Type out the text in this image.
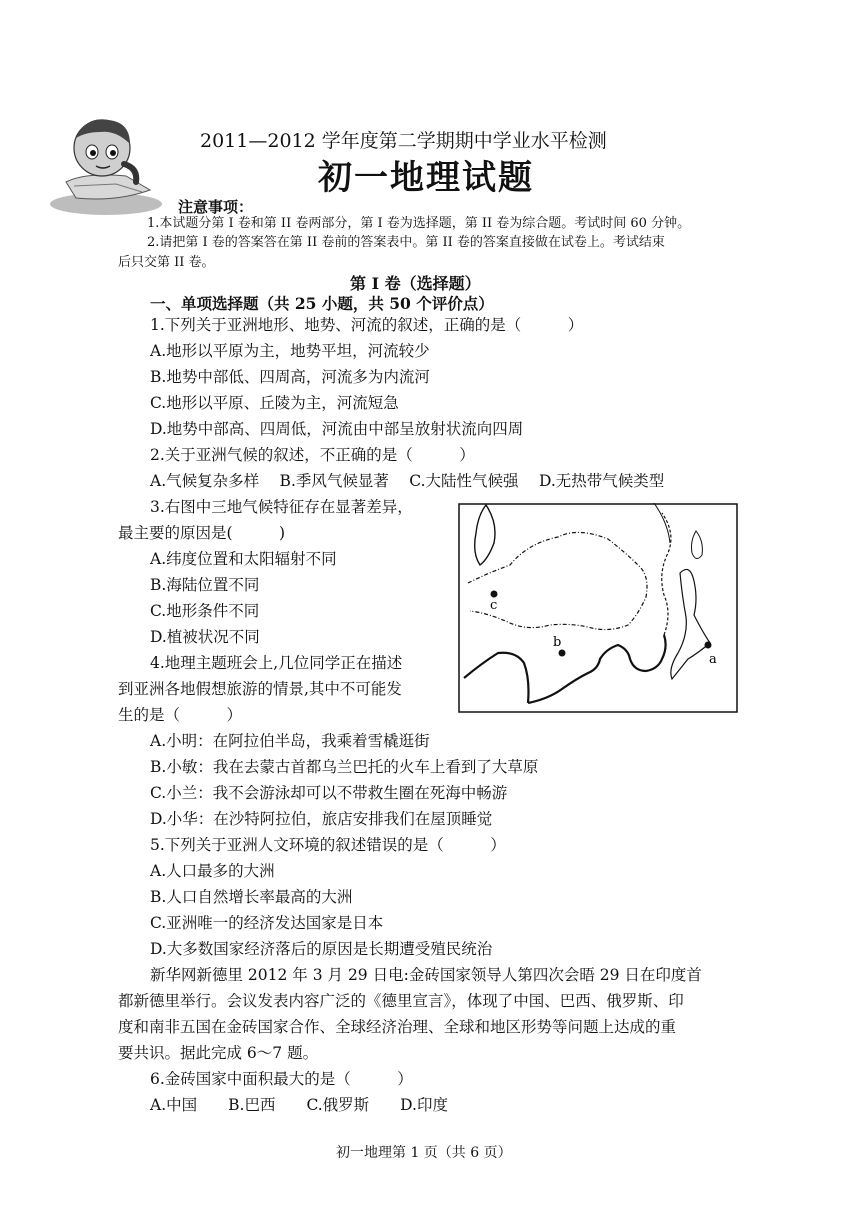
2011—2012 学年度第二学期期中学业水平检测
初一地理试题
注意事项：
1.本试题分第 I 卷和第 II 卷两部分，第 I 卷为选择题，第 II 卷为综合题。考试时间 60 分钟。
2.请把第 I 卷的答案答在第 II 卷前的答案表中。第 II 卷的答案直接做在试卷上。考试结束
后只交第 II 卷。
第 I 卷（选择题）
一、单项选择题（共 25 小题，共 50 个评价点）
1.下列关于亚洲地形、地势、河流的叙述，正确的是（　　　）
A.地形以平原为主，地势平坦，河流较少
B.地势中部低、四周高，河流多为内流河
C.地形以平原、丘陵为主，河流短急
D.地势中部高、四周低，河流由中部呈放射状流向四周
2.关于亚洲气候的叙述，不正确的是（　　　）
A.气候复杂多样　 B.季风气候显著　 C.大陆性气候强　 D.无热带气候类型
3.右图中三地气候特征存在显著差异，
最主要的原因是(　　　)
A.纬度位置和太阳辐射不同
B.海陆位置不同
C.地形条件不同
D.植被状况不同
c
b
a
4.地理主题班会上,几位同学正在描述
到亚洲各地假想旅游的情景,其中不可能发
生的是（　　　）
A.小明：在阿拉伯半岛，我乘着雪橇逛街
B.小敏：我在去蒙古首都乌兰巴托的火车上看到了大草原
C.小兰：我不会游泳却可以不带救生圈在死海中畅游
D.小华：在沙特阿拉伯，旅店安排我们在屋顶睡觉
5.下列关于亚洲人文环境的叙述错误的是（　　　）
A.人口最多的大洲
B.人口自然增长率最高的大洲
C.亚洲唯一的经济发达国家是日本
D.大多数国家经济落后的原因是长期遭受殖民统治
新华网新德里 2012 年 3 月 29 日电:金砖国家领导人第四次会晤 29 日在印度首
都新德里举行。会议发表内容广泛的《德里宣言》，体现了中国、巴西、俄罗斯、印
度和南非五国在金砖国家合作、全球经济治理、全球和地区形势等问题上达成的重
要共识。据此完成 6～7 题。
6.金砖国家中面积最大的是（　　　）
A.中国　　B.巴西　　C.俄罗斯　　D.印度
初一地理第 1 页（共 6 页）
